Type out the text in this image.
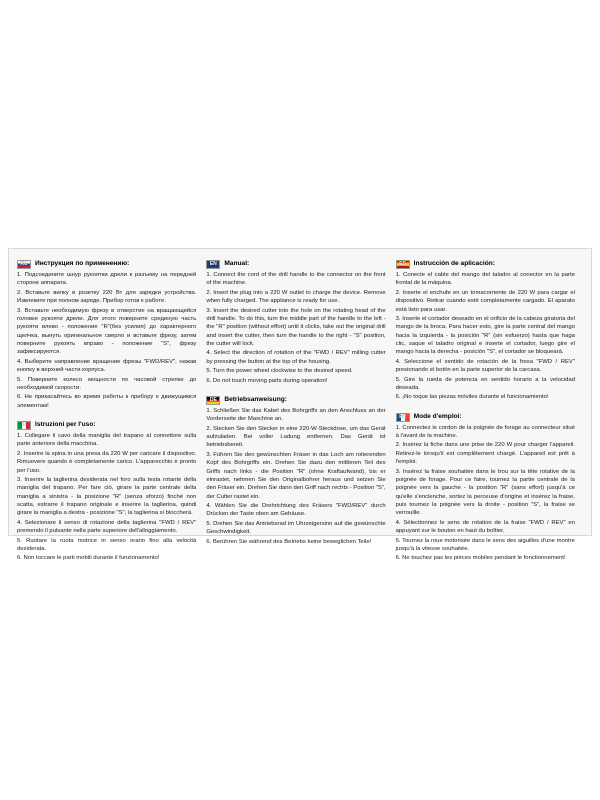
RU	Инструкция по применению:

1. Подсоедините шнур рукоятки дрели к разъему на передней стороне аппарата.

2. Вставьте вилку в розетку 220 Вт для зарядки устройства. Извлеките при полном заряде. Прибор готов к работе.

3. Вставьте необходимую фрезу в отверстие на вращающейся головке рукояти дрели. Для этого поверните срединую часть рукояти влево - положение "R"(без усилия) до характерного щелчка, вынуть оригинальное сверло и вставьте фрезу, затем поверните рукоять вправо - положение "S", фрезу зафиксируются.

4. Выберите направление вращение фрезы "FWD/REV", нажав кнопку в верхней части корпуса.

5. Поверните колесо мощности по часовой стрелке до необходимой скорости.

6. Не прикасайтесь во время работы к прибору к движущимся элементам!

IT	Istruzioni per l'uso:

1. Collegare il cavo della maniglia del trapano al connettore sulla parte anteriore della macchina.

2. Inserire la spina in una presa da 220 W per caricare il dispositivo. Rimuovere quando è completamente carico. L'apparecchio è pronto per l'uso.

3. Inserire la taglierina desiderata nel foro sulla testa rotante della maniglia del trapano. Per fare ciò, girare la parte centrale della maniglia a sinistra - la posizione "R" (senza sforzo) finché non scatta, estrarre il trapano originale e inserire la taglierina, quindi girare la maniglia a destra - posizione "S", la taglierina si bloccherà.

4. Selezionare il senso di rotazione della taglierina "FWD / REV" premendo il pulsante nella parte superiore dell'alloggiamento.

5. Ruotare la ruota motrice in senso orario fino alla velocità desiderata.

6. Non toccare le parti mobili durante il funzionamento!

EN	Manual:

1. Connect the cord of the drill handle to the connector on the front of the machine.

2. Insert the plug into a 220 W outlet to charge the device. Remove when fully charged. The appliance is ready for use.

3. Insert the desired cutter into the hole on the rotating head of the drill handle. To do this, turn the middle part of the handle to the left - the "R" position (without effort) until it clicks, take out the original drill and insert the cutter, then turn the handle to the right - "S" position, the cutter will lock.

4. Select the direction of rotation of the "FWD / REV" milling cutter by pressing the button at the top of the housing.

5. Turn the power wheel clockwise to the desired speed.

6. Do not touch moving parts during operation!

DE	Betriebsanweisung:

1. Schließen Sie das Kabel des Bohrgriffs an den Anschluss an der Vorderseite der Maschine an.

2. Stecken Sie den Stecker in eine 220-W-Steckdose, um das Gerät aufzuladen. Bei voller Ladung entfernen. Das Gerät ist betriebsbereit.

3. Führen Sie den gewünschten Fräser in das Loch am rotierenden Kopf des Bohrgriffs ein. Drehen Sie dazu den mittleren Teil des Griffs nach links - die Position "R" (ohne Kraftaufwand), bis er einrastet, nehmen Sie den Originalbohrer heraus und setzen Sie den Fräser ein. Drehen Sie dann den Griff nach rechts - Position "S", der Cutter rastet ein.

4. Wählen Sie die Drehrichtung des Fräsers "FWD/REV" durch Drücken der Taste oben am Gehäuse.

5. Drehen Sie das Antriebsrad im Uhrzeigersinn auf die gewünschte Geschwindigkeit.

6. Berühren Sie während des Betriebs keine beweglichen Teile!

ES	Instrucción de aplicación:

1. Conecte el cable del mango del taladro al conector en la parte frontal de la máquina.

2. Inserte el enchufe en un tomacorriente de 220 W para cargar el dispositivo. Retirar cuando esté completamente cargado. El aparato está listo para usar.

3. Inserte el cortador deseado en el orificio de la cabeza giratoria del mango de la broca. Para hacer esto, gire la parte central del mango hacia la izquierda - la posición "R" (sin esfuerzo) hasta que haga clic, saque el taladro original e inserte el cortador, luego gire el mango hacia la derecha - posición "S", el cortador se bloqueará.

4. Seleccione el sentido de rotación de la fresa "FWD / REV" presionando el botón en la parte superior de la carcasa.

5. Gire la rueda de potencia en sentido horario a la velocidad deseada.

6. ¡No toque las piezas móviles durante el funcionamiento!

FR	Mode d'emploi:

1. Connectez le cordon de la poignée de forage au connecteur situé à l'avant de la machine.

2. Insérez la fiche dans une prise de 220 W pour charger l'appareil. Retirez-le lorsqu'il est complètement chargé. L'appareil est prêt à l'emploi.

3. Insérez la fraise souhaitée dans le trou sur la tête rotative de la poignée de forage. Pour ce faire, tournez la partie centrale de la poignée vers la gauche - la position "R" (sans effort) jusqu'à ce qu'elle s'enclenche, sortez la perceuse d'origine et insérez la fraise, puis tournez la poignée vers la droite - position "S", la fraise se verrouille.

4. Sélectionnez le sens de rotation de la fraise "FWD / REV" en appuyant sur le bouton en haut du boîtier.

5. Tournez la roue motorisée dans le sens des aiguilles d'une montre jusqu'à la vitesse souhaitée.

6. Ne touchez pas les pièces mobiles pendant le fonctionnement!
